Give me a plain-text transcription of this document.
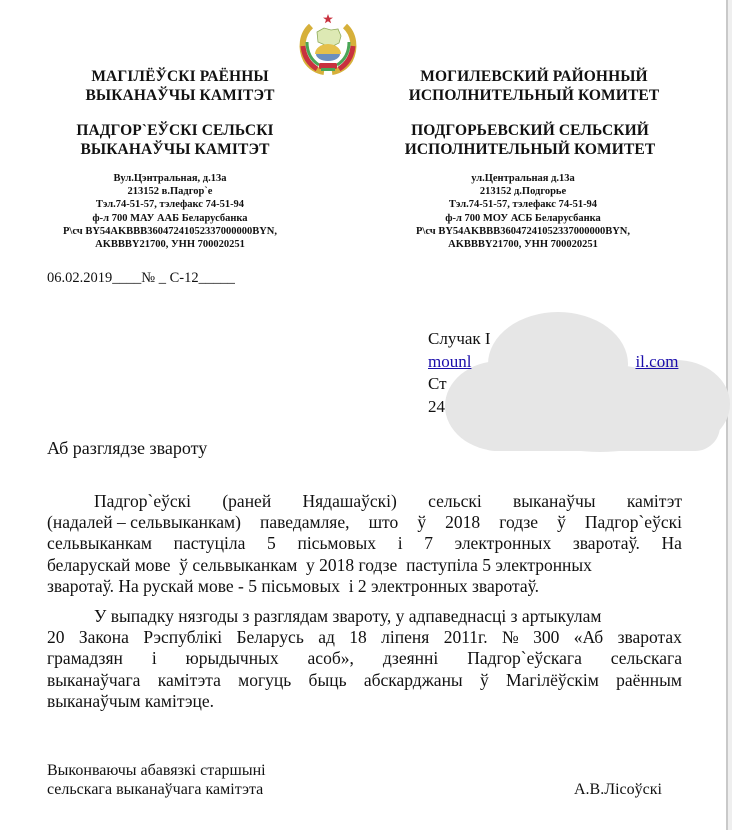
МАГІЛЁЎСКІ РАЁННЫ
ВЫКАНАЎЧЫ КАМІТЭТ
ПАДГОР`ЕЎСКІ СЕЛЬСКІ
ВЫКАНАЎЧЫ КАМІТЭТ
МОГИЛЕВСКИЙ РАЙОННЫЙ
ИСПОЛНИТЕЛЬНЫЙ КОМИТЕТ
ПОДГОРЬЕВСКИЙ СЕЛЬСКИЙ
ИСПОЛНИТЕЛЬНЫЙ КОМИТЕТ
Вул.Цэнтральная, д.13а
213152 в.Падгор`е
Тэл.74-51-57, тэлефакс 74-51-94
ф-л 700 МАУ ААБ Беларусбанка
Р\сч BY54AKBBB36047241052337000000BYN,
AKBBBY21700, УНН 700020251
ул.Центральная д.13а
213152 д.Подгорье
Тэл.74-51-57, тэлефакс 74-51-94
ф-л 700 МОУ АСБ Беларусбанка
Р\сч BY54AKBBB36047241052337000000BYN,
AKBBBY21700, УНН 700020251
06.02.2019____№ _ С-12_____
Случак І
mounl	il.com
Ст
24
Аб разглядзе звароту
Падгор`еўскі (раней Нядашаўскі) сельскі выканаўчы камітэт
(надалей – сельвыканкам) паведамляе, што ў 2018 годзе ў Падгор`еўскі
сельвыканкам пастуціла 5 пісьмовых і 7 электронных зваротаў. На
беларускай мове  ў сельвыканкам  у 2018 годзе  паступіла 5 электронных
зваротаў. На рускай мове - 5 пісьмовых  і 2 электронных зваротаў.
У выпадку нязгоды з разглядам звароту, у адпаведнасці з артыкулам
20 Закона Рэспублікі Беларусь ад 18 ліпеня 2011г. № 300 «Аб зваротах
грамадзян і юрыдычных асоб», дзеянні Падгор`еўскага сельскага
выканаўчага камітэта могуць быць абскарджаны ў Магілёўскім раённым
выканаўчым камітэце.
Выконваючы абавязкі старшыні
сельскага выканаўчага камітэта	А.В.Лісоўскі
